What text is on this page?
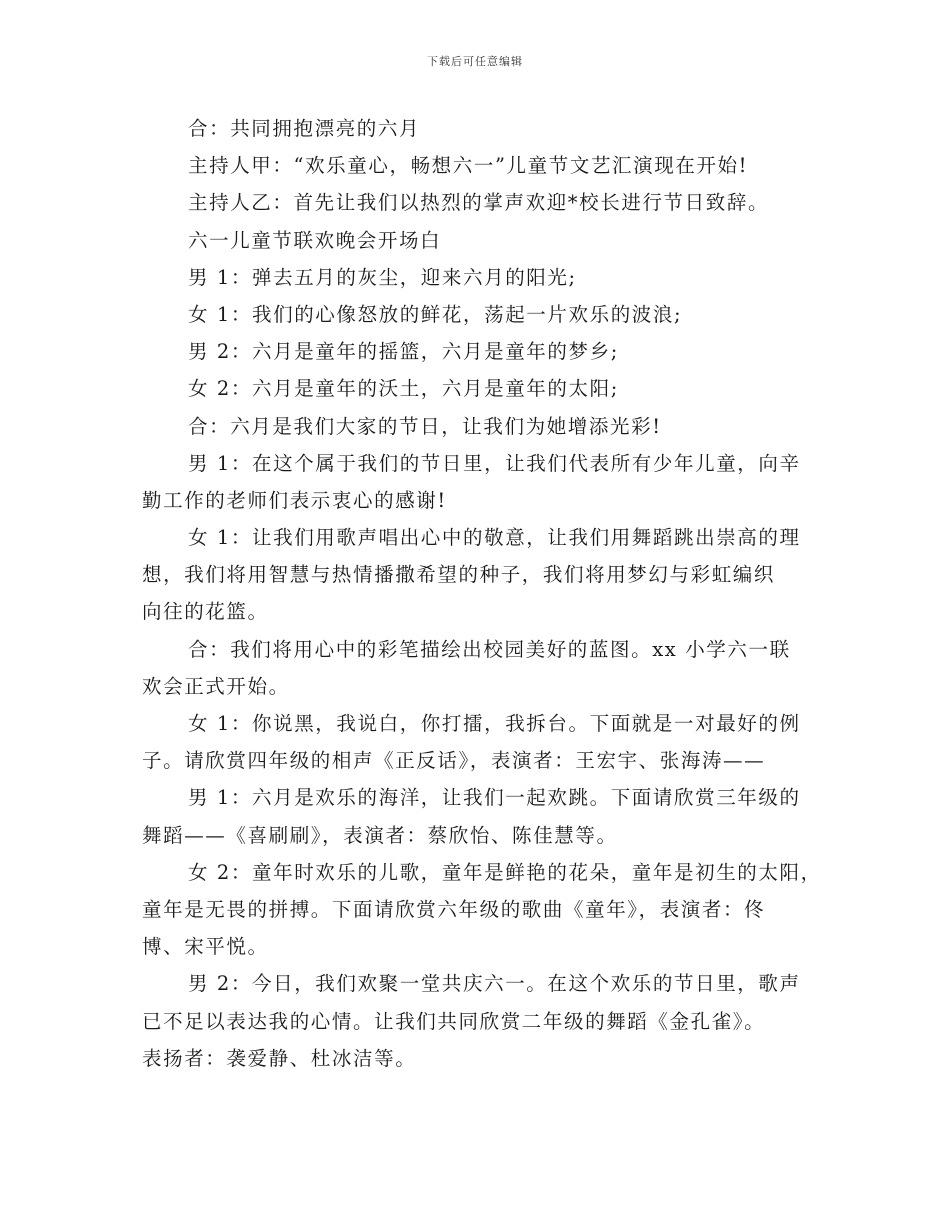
下载后可任意编辑
合：共同拥抱漂亮的六月
主持人甲：“欢乐童心，畅想六一”儿童节文艺汇演现在开始!
主持人乙：首先让我们以热烈的掌声欢迎*校长进行节日致辞。
六一儿童节联欢晚会开场白
男 1：弹去五月的灰尘，迎来六月的阳光;
女 1：我们的心像怒放的鲜花，荡起一片欢乐的波浪;
男 2：六月是童年的摇篮，六月是童年的梦乡;
女 2：六月是童年的沃土，六月是童年的太阳;
合：六月是我们大家的节日，让我们为她增添光彩!
男 1：在这个属于我们的节日里，让我们代表所有少年儿童，向辛
勤工作的老师们表示衷心的感谢!
女 1：让我们用歌声唱出心中的敬意，让我们用舞蹈跳出崇高的理
想，我们将用智慧与热情播撒希望的种子，我们将用梦幻与彩虹编织
向往的花篮。
合：我们将用心中的彩笔描绘出校园美好的蓝图。xx 小学六一联
欢会正式开始。
女 1：你说黑，我说白，你打擂，我拆台。下面就是一对最好的例
子。请欣赏四年级的相声《正反话》，表演者：王宏宇、张海涛——
男 1：六月是欢乐的海洋，让我们一起欢跳。下面请欣赏三年级的
舞蹈——《喜刷刷》，表演者：蔡欣怡、陈佳慧等。
女 2：童年时欢乐的儿歌，童年是鲜艳的花朵，童年是初生的太阳，
童年是无畏的拼搏。下面请欣赏六年级的歌曲《童年》，表演者：佟
博、宋平悦。
男 2：今日，我们欢聚一堂共庆六一。在这个欢乐的节日里，歌声
已不足以表达我的心情。让我们共同欣赏二年级的舞蹈《金孔雀》。
表扬者：袭爱静、杜冰洁等。
